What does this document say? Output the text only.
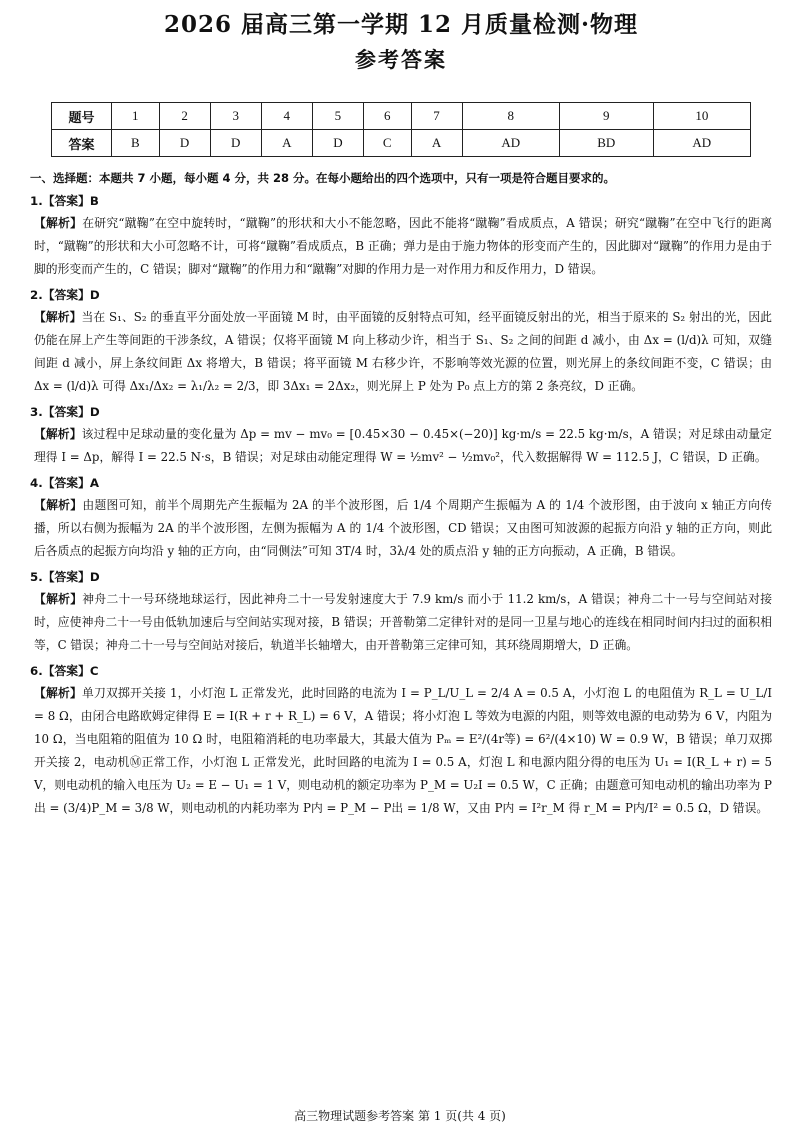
2026 届高三第一学期 12 月质量检测·物理
参考答案
题号	1	2	3	4	5	6	7	8	9	10
答案	B	D	D	A	D	C	A	AD	BD	AD
一、选择题：本题共 7 小题，每小题 4 分，共 28 分。在每小题给出的四个选项中，只有一项是符合题目要求的。
1.【答案】B
【解析】在研究“蹴鞠”在空中旋转时，“蹴鞠”的形状和大小不能忽略，因此不能将“蹴鞠”看成质点，A 错误；研究“蹴鞠”在空中飞行的距离时，“蹴鞠”的形状和大小可忽略不计，可将“蹴鞠”看成质点，B 正确；弹力是由于施力物体的形变而产生的，因此脚对“蹴鞠”的作用力是由于脚的形变而产生的，C 错误；脚对“蹴鞠”的作用力和“蹴鞠”对脚的作用力是一对作用力和反作用力，D 错误。
2.【答案】D
【解析】当在 S₁、S₂ 的垂直平分面处放一平面镜 M 时，由平面镜的反射特点可知，经平面镜反射出的光，相当于原来的 S₂ 射出的光，因此仍能在屏上产生等间距的干涉条纹，A 错误；仅将平面镜 M 向上移动少许，相当于 S₁、S₂ 之间的间距 d 减小，由 Δx = (l/d)λ 可知，双缝间距 d 减小，屏上条纹间距 Δx 将增大，B 错误；将平面镜 M 右移少许，不影响等效光源的位置，则光屏上的条纹间距不变，C 错误；由 Δx = (l/d)λ 可得 Δx₁/Δx₂ = λ₁/λ₂ = 2/3，即 3Δx₁ = 2Δx₂，则光屏上 P 处为 P₀ 点上方的第 2 条亮纹，D 正确。
3.【答案】D
【解析】该过程中足球动量的变化量为 Δp = mv − mv₀ = [0.45×30 − 0.45×(−20)] kg·m/s = 22.5 kg·m/s，A 错误；对足球由动量定理得 I = Δp，解得 I = 22.5 N·s，B 错误；对足球由动能定理得 W = ½mv² − ½mv₀²，代入数据解得 W = 112.5 J，C 错误，D 正确。
4.【答案】A
【解析】由题图可知，前半个周期先产生振幅为 2A 的半个波形图，后 1/4 个周期产生振幅为 A 的 1/4 个波形图，由于波向 x 轴正方向传播，所以右侧为振幅为 2A 的半个波形图，左侧为振幅为 A 的 1/4 个波形图，CD 错误；又由图可知波源的起振方向沿 y 轴的正方向，则此后各质点的起振方向均沿 y 轴的正方向，由“同侧法”可知 3T/4 时，3λ/4 处的质点沿 y 轴的正方向振动，A 正确，B 错误。
5.【答案】D
【解析】神舟二十一号环绕地球运行，因此神舟二十一号发射速度大于 7.9 km/s 而小于 11.2 km/s，A 错误；神舟二十一号与空间站对接时，应使神舟二十一号由低轨加速后与空间站实现对接，B 错误；开普勒第二定律针对的是同一卫星与地心的连线在相同时间内扫过的面积相等，C 错误；神舟二十一号与空间站对接后，轨道半长轴增大，由开普勒第三定律可知，其环绕周期增大，D 正确。
6.【答案】C
【解析】单刀双掷开关接 1，小灯泡 L 正常发光，此时回路的电流为 I = P_L/U_L = 2/4 A = 0.5 A，小灯泡 L 的电阻值为 R_L = U_L/I = 8 Ω，由闭合电路欧姆定律得 E = I(R + r + R_L) = 6 V，A 错误；将小灯泡 L 等效为电源的内阻，则等效电源的电动势为 6 V，内阻为 10 Ω，当电阻箱的阻值为 10 Ω 时，电阻箱消耗的电功率最大，其最大值为 Pₘ = E²/(4r等) = 6²/(4×10) W = 0.9 W，B 错误；单刀双掷开关接 2，电动机Ⓜ正常工作，小灯泡 L 正常发光，此时回路的电流为 I = 0.5 A，灯泡 L 和电源内阻分得的电压为 U₁ = I(R_L + r) = 5 V，则电动机的输入电压为 U₂ = E − U₁ = 1 V，则电动机的额定功率为 P_M = U₂I = 0.5 W，C 正确；由题意可知电动机的输出功率为 P出 = (3/4)P_M = 3/8 W，则电动机的内耗功率为 P内 = P_M − P出 = 1/8 W，又由 P内 = I²r_M 得 r_M = P内/I² = 0.5 Ω，D 错误。
高三物理试题参考答案 第 1 页(共 4 页)
